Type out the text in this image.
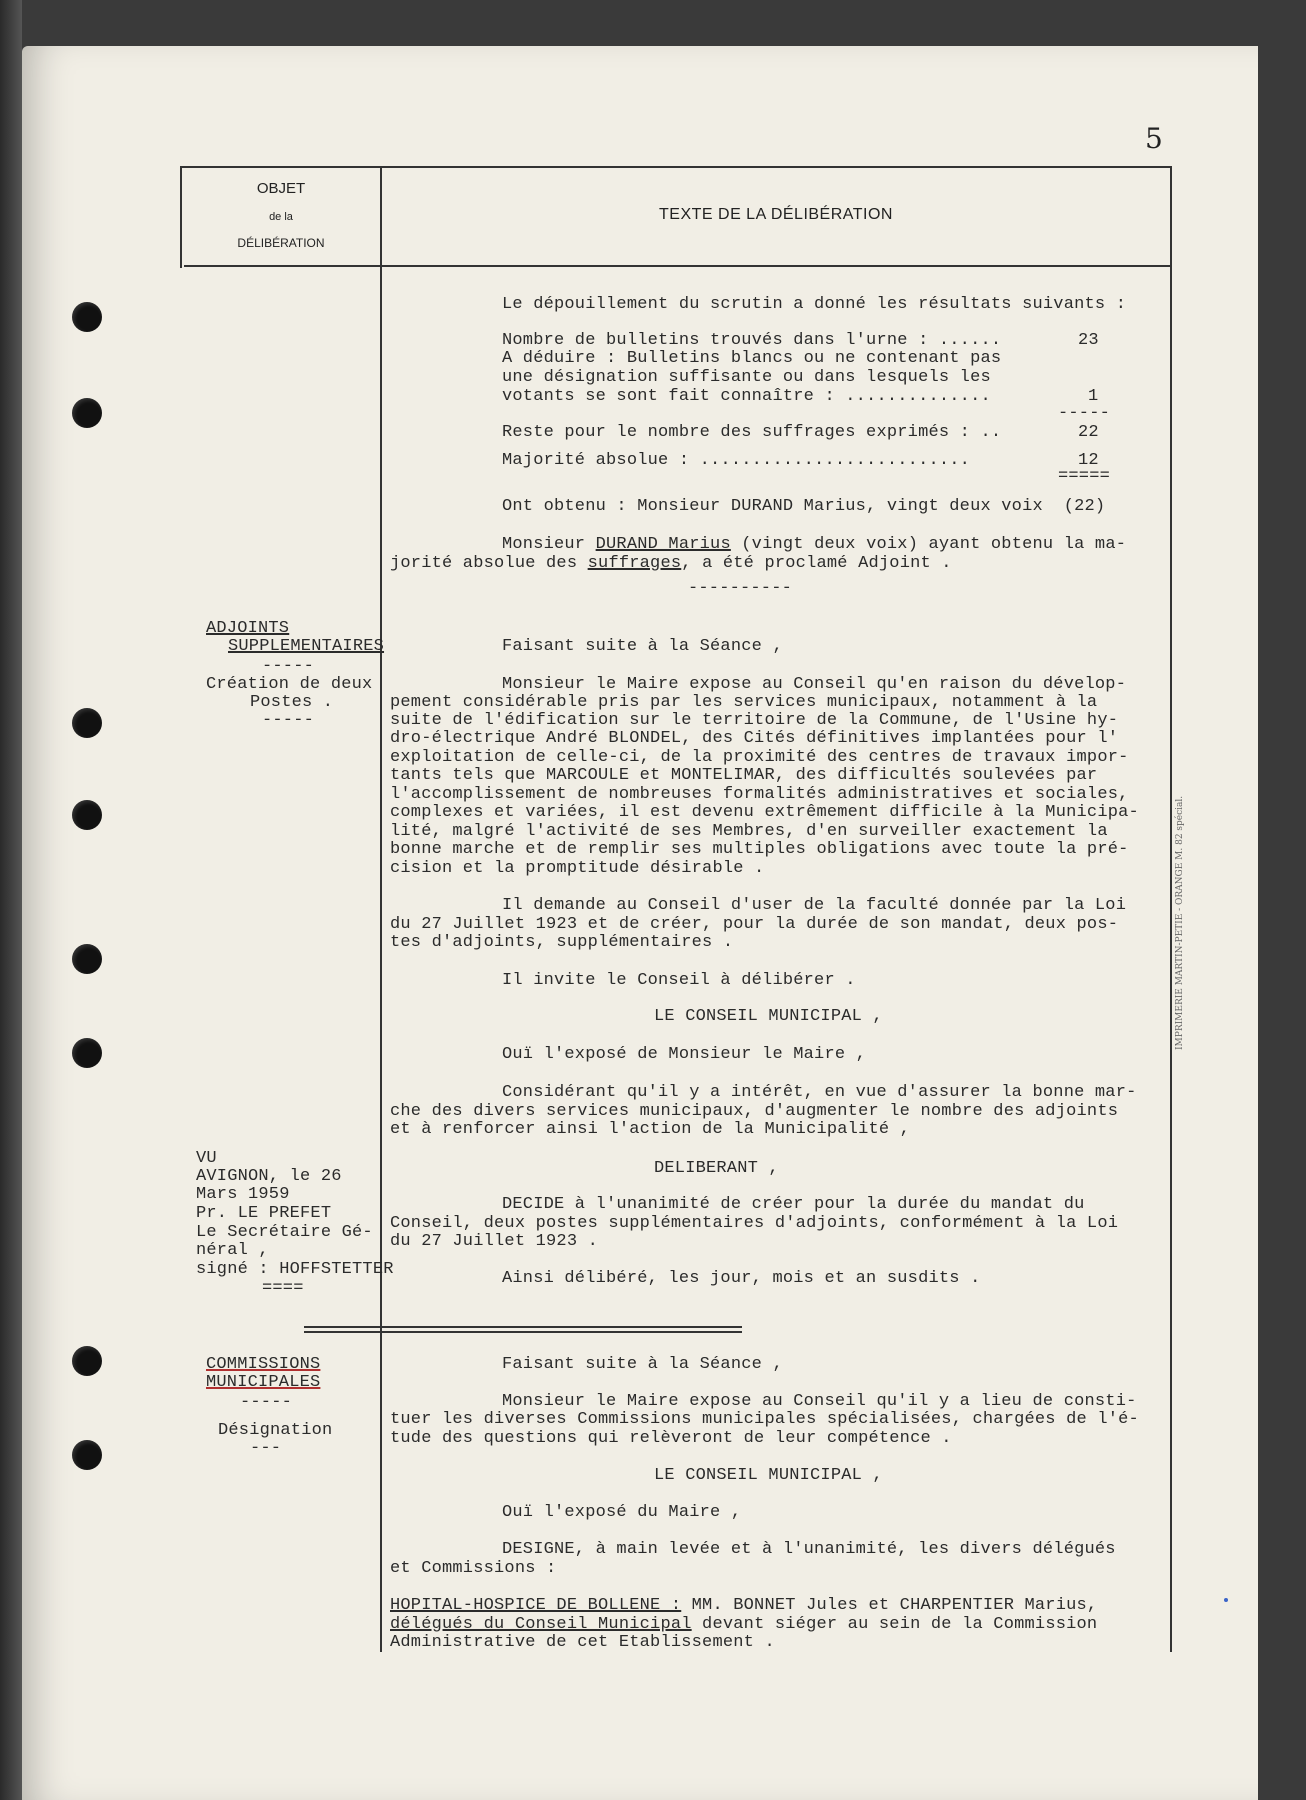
5
OBJET
de la
DÉLIBÉRATION
TEXTE DE LA DÉLIBÉRATION
Le dépouillement du scrutin a donné les résultats suivants :
Nombre de bulletins trouvés dans l'urne : ......	23
A déduire : Bulletins blancs ou ne contenant pas
une désignation suffisante ou dans lesquels les
votants se sont fait connaître : ..............	1
-----
Reste pour le nombre des suffrages exprimés : ..	22
Majorité absolue : ..........................	12
=====
Ont obtenu : Monsieur DURAND Marius, vingt deux voix  (22)
Monsieur DURAND Marius (vingt deux voix) ayant obtenu la ma-
jorité absolue des suffrages, a été proclamé Adjoint .
----------
ADJOINTS
SUPPLEMENTAIRES
-----
Création de deux
Postes .
-----
Faisant suite à la Séance ,
Monsieur le Maire expose au Conseil qu'en raison du dévelop-
pement considérable pris par les services municipaux, notamment à la
suite de l'édification sur le territoire de la Commune, de l'Usine hy-
dro-électrique André BLONDEL, des Cités définitives implantées pour l'
exploitation de celle-ci, de la proximité des centres de travaux impor-
tants tels que MARCOULE et MONTELIMAR, des difficultés soulevées par
l'accomplissement de nombreuses formalités administratives et sociales,
complexes et variées, il est devenu extrêmement difficile à la Municipa-
lité, malgré l'activité de ses Membres, d'en surveiller exactement la
bonne marche et de remplir ses multiples obligations avec toute la pré-
cision et la promptitude désirable .
Il demande au Conseil d'user de la faculté donnée par la Loi
du 27 Juillet 1923 et de créer, pour la durée de son mandat, deux pos-
tes d'adjoints, supplémentaires .
Il invite le Conseil à délibérer .
LE CONSEIL MUNICIPAL ,
Ouï l'exposé de Monsieur le Maire ,
Considérant qu'il y a intérêt, en vue d'assurer la bonne mar-
che des divers services municipaux, d'augmenter le nombre des adjoints
et à renforcer ainsi l'action de la Municipalité ,
DELIBERANT ,
DECIDE à l'unanimité de créer pour la durée du mandat du
Conseil, deux postes supplémentaires d'adjoints, conformément à la Loi
du 27 Juillet 1923 .
Ainsi délibéré, les jour, mois et an susdits .
VU
AVIGNON, le 26
Mars 1959
Pr. LE PREFET
Le Secrétaire Gé-
néral ,
signé : HOFFSTETTER
====
COMMISSIONS
MUNICIPALES
-----
Désignation
---
Faisant suite à la Séance ,
Monsieur le Maire expose au Conseil qu'il y a lieu de consti-
tuer les diverses Commissions municipales spécialisées, chargées de l'é-
tude des questions qui relèveront de leur compétence .
LE CONSEIL MUNICIPAL ,
Ouï l'exposé du Maire ,
DESIGNE, à main levée et à l'unanimité, les divers délégués
et Commissions :
HOPITAL-HOSPICE DE BOLLENE : MM. BONNET Jules et CHARPENTIER Marius,
délégués du Conseil Municipal devant siéger au sein de la Commission
Administrative de cet Etablissement .
IMPRIMERIE MARTIN-PETIE - ORANGE M. 82 spécial.
